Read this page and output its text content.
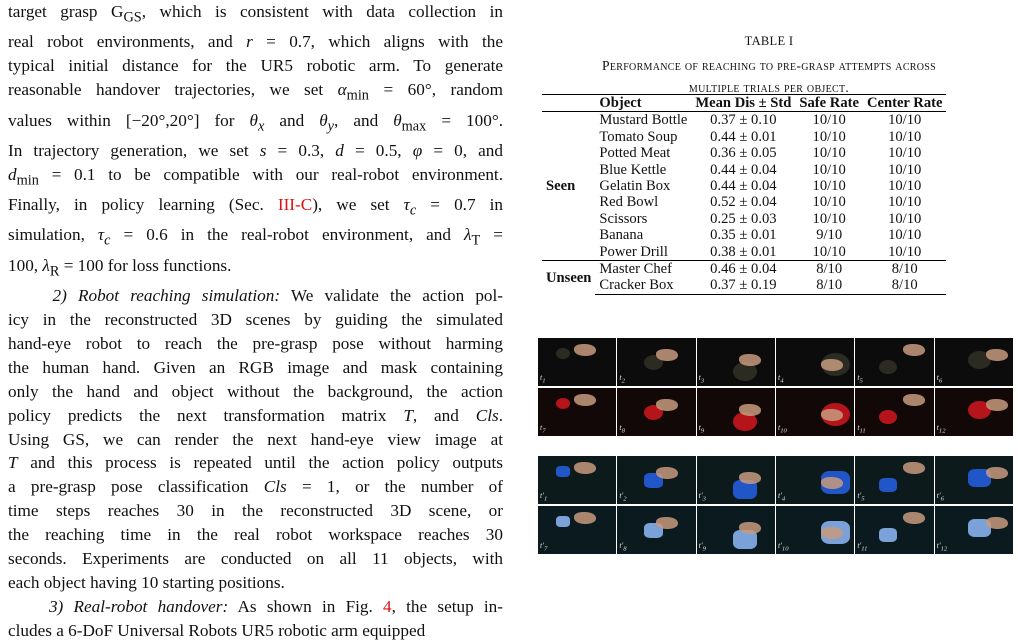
target grasp $G_{GS}$, which is consistent with data collection in
real robot environments, and r = 0.7, which aligns with the
typical initial distance for the UR5 robotic arm. To generate
reasonable handover trajectories, we set $\alpha_{min} = 60^\circ$, random
values within [−20°,20°] for $\theta_x$ and $\theta_y$, and $\theta_{max} = 100^\circ$.
In trajectory generation, we set s = 0.3, d = 0.5, φ = 0, and
$d_{min} = 0.1$ to be compatible with our real-robot environment.
Finally, in policy learning (Sec. III-C), we set $\tau_c = 0.7$ in
simulation, $\tau_c = 0.6$ in the real-robot environment, and $\lambda_T$ =
100, $\lambda_R = 100$ for loss functions.
2) Robot reaching simulation: We validate the action pol-
icy in the reconstructed 3D scenes by guiding the simulated
hand-eye robot to reach the pre-grasp pose without harming
the human hand. Given an RGB image and mask containing
only the hand and object without the background, the action
policy predicts the next transformation matrix T, and Cls.
Using GS, we can render the next hand-eye view image at
T and this process is repeated until the action policy outputs
a pre-grasp pose classification Cls = 1, or the number of
time steps reaches 30 in the reconstructed 3D scene, or
the reaching time in the real robot workspace reaches 30
seconds. Experiments are conducted on all 11 objects, with
each object having 10 starting positions.
3) Real-robot handover: As shown in Fig. 4, the setup in-
cludes a 6-DoF Universal Robots UR5 robotic arm equipped
TABLE I
Performance of reaching to pre-grasp attempts across
multiple trials per object.
	Object	Mean Dis ± Std	Safe Rate	Center Rate
Seen	Mustard Bottle	0.37 ± 0.10	10/10	10/10
	Tomato Soup	0.44 ± 0.01	10/10	10/10
	Potted Meat	0.36 ± 0.05	10/10	10/10
	Blue Kettle	0.44 ± 0.04	10/10	10/10
	Gelatin Box	0.44 ± 0.04	10/10	10/10
	Red Bowl	0.52 ± 0.04	10/10	10/10
	Scissors	0.25 ± 0.03	10/10	10/10
	Banana	0.35 ± 0.01	9/10	10/10
	Power Drill	0.38 ± 0.01	10/10	10/10
Unseen	Master Chef	0.46 ± 0.04	8/10	8/10
	Cracker Box	0.37 ± 0.19	8/10	8/10
$t_1$	$t_2$	$t_3$	$t_4$	$t_5$	$t_6$
$t_7$	$t_8$	$t_9$	$t_{10}$	$t_{11}$	$t_{12}$
$t'_1$	$t'_2$	$t'_3$	$t'_4$	$t'_5$	$t'_6$
$t'_7$	$t'_8$	$t'_9$	$t'_{10}$	$t'_{11}$	$t'_{12}$
